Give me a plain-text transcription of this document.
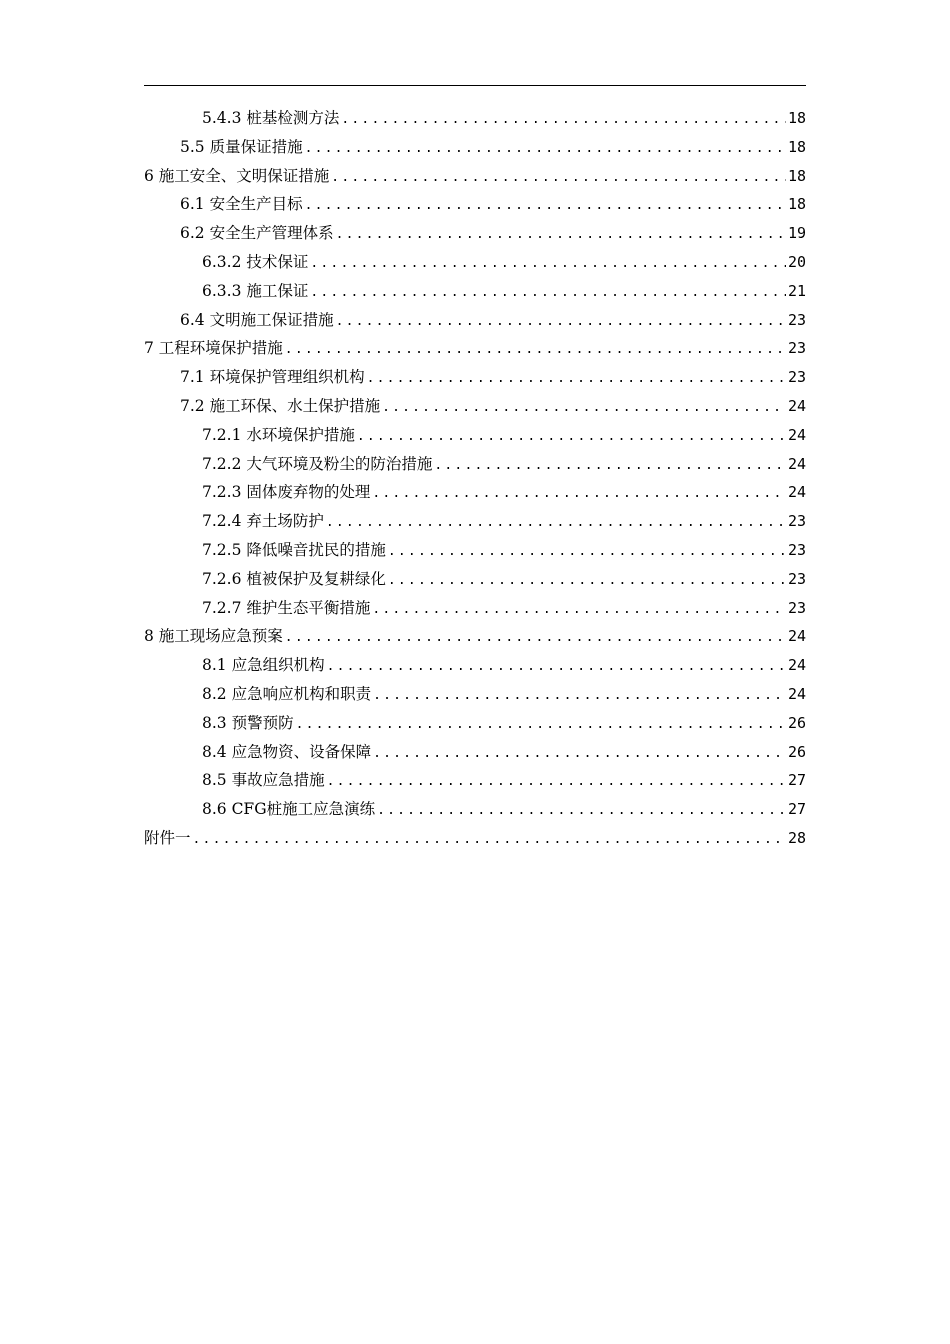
5.4.3 桩基检测方法 .....	18
5.5 质量保证措施 .....	18
6 施工安全、文明保证措施 .....	18
6.1 安全生产目标 .....	18
6.2 安全生产管理体系 .....	19
6.3.2 技术保证 .....	20
6.3.3 施工保证 .....	21
6.4 文明施工保证措施 .....	23
7 工程环境保护措施 .....	23
7.1 环境保护管理组织机构 .....	23
7.2 施工环保、水土保护措施 .....	24
7.2.1 水环境保护措施 .....	24
7.2.2 大气环境及粉尘的防治措施 .....	24
7.2.3 固体废弃物的处理 .....	24
7.2.4 弃土场防护 .....	23
7.2.5 降低噪音扰民的措施 .....	23
7.2.6 植被保护及复耕绿化 .....	23
7.2.7 维护生态平衡措施 .....	23
8 施工现场应急预案 .....	24
8.1 应急组织机构 .....	24
8.2 应急响应机构和职责 .....	24
8.3 预警预防 .....	26
8.4 应急物资、设备保障 .....	26
8.5 事故应急措施 .....	27
8.6 CFG桩施工应急演练 .....	27
附件一 .....	28
